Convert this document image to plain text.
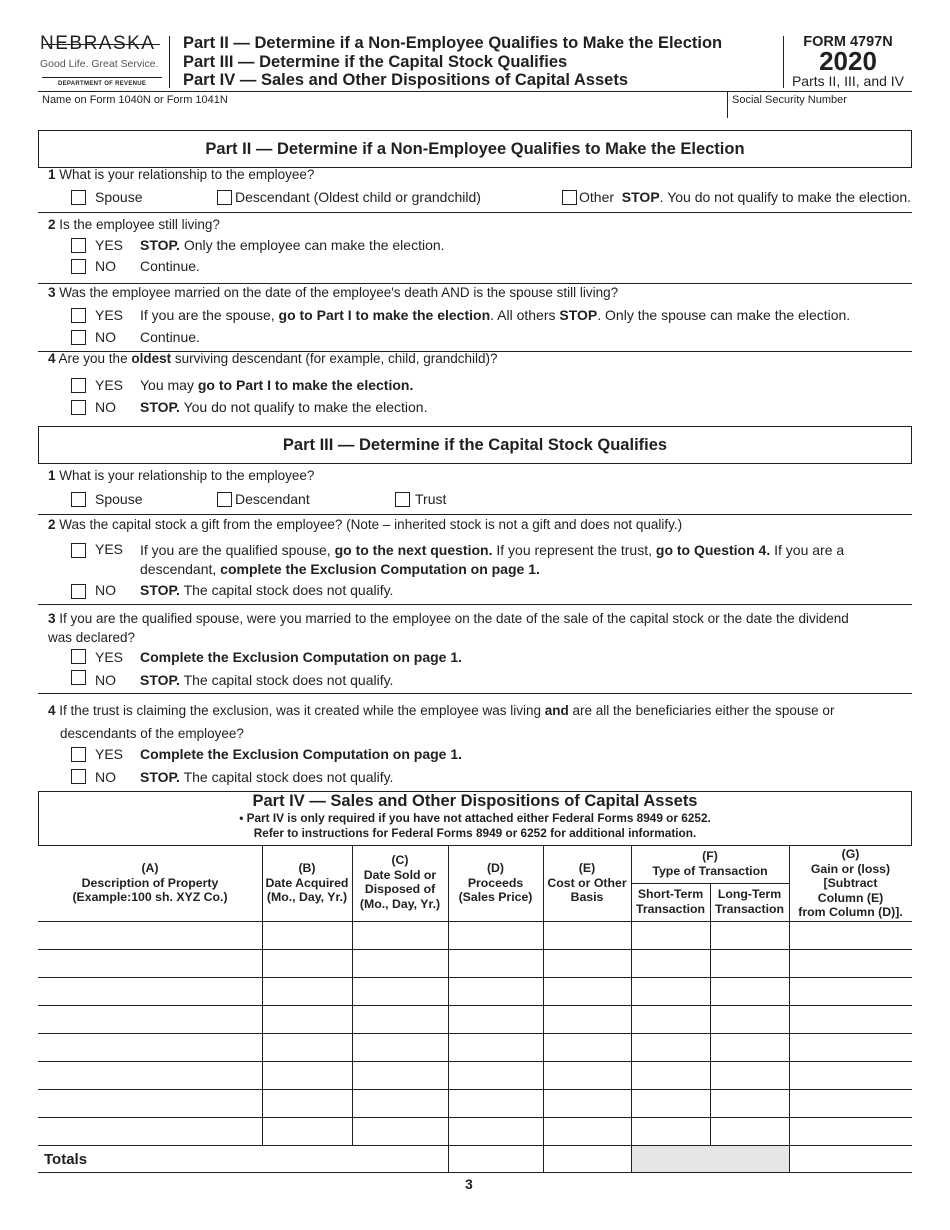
NEBRASKA
Good Life. Great Service.
DEPARTMENT OF REVENUE
Part II — Determine if a Non-Employee Qualifies to Make the Election
Part III — Determine if the Capital Stock Qualifies
Part IV — Sales and Other Dispositions of Capital Assets
FORM 4797N
2020
Parts II, III, and IV
Name on Form 1040N or Form 1041N	Social Security Number
Part II — Determine if a Non-Employee Qualifies to Make the Election
1 What is your relationship to the employee?
Spouse	Descendant (Oldest child or grandchild)	Other STOP. You do not qualify to make the election.
2 Is the employee still living?
YES STOP. Only the employee can make the election.
NO Continue.
3 Was the employee married on the date of the employee's death AND is the spouse still living?
YES If you are the spouse, go to Part I to make the election. All others STOP. Only the spouse can make the election.
NO Continue.
4 Are you the oldest surviving descendant (for example, child, grandchild)?
YES You may go to Part I to make the election.
NO STOP. You do not qualify to make the election.
Part III — Determine if the Capital Stock Qualifies
1 What is your relationship to the employee?
Spouse	Descendant	Trust
2 Was the capital stock a gift from the employee? (Note – inherited stock is not a gift and does not qualify.)
YES If you are the qualified spouse, go to the next question. If you represent the trust, go to Question 4. If you are a
descendant, complete the Exclusion Computation on page 1.
NO STOP. The capital stock does not qualify.
3 If you are the qualified spouse, were you married to the employee on the date of the sale of the capital stock or the date the dividend
was declared?
YES Complete the Exclusion Computation on page 1.
NO STOP. The capital stock does not qualify.
4 If the trust is claiming the exclusion, was it created while the employee was living and are all the beneficiaries either the spouse or
descendants of the employee?
YES Complete the Exclusion Computation on page 1.
NO STOP. The capital stock does not qualify.
Part IV — Sales and Other Dispositions of Capital Assets
• Part IV is only required if you have not attached either Federal Forms 8949 or 6252.
Refer to instructions for Federal Forms 8949 or 6252 for additional information.
(A)
Description of Property
(Example:100 sh. XYZ Co.)
(B)
Date Acquired
(Mo., Day, Yr.)
(C)
Date Sold or
Disposed of
(Mo., Day, Yr.)
(D)
Proceeds
(Sales Price)
(E)
Cost or Other
Basis
(F)
Type of Transaction
Short-Term
Transaction
Long-Term
Transaction
(G)
Gain or (loss)
[Subtract
Column (E)
from Column (D)].
Totals
3
